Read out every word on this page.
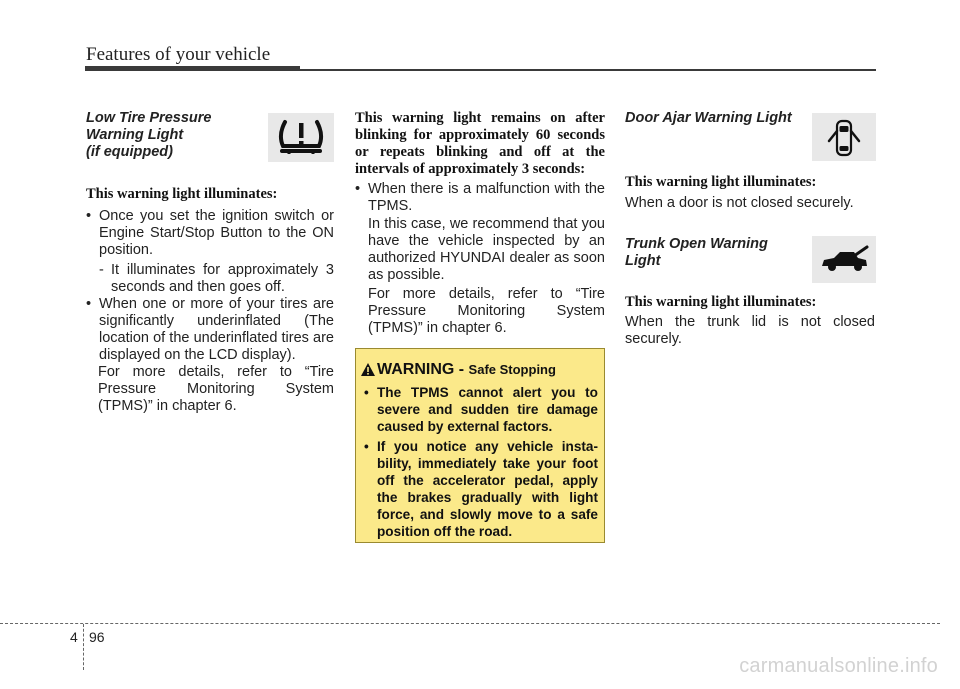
Features of your vehicle
Low Tire Pressure
Warning Light
(if equipped)
This warning light illuminates:
• Once you set the ignition switch or Engine Start/Stop Button to the ON position.
- It illuminates for approximately 3 seconds and then goes off.
• When one or more of your tires are significantly underinflated (The location of the underinflated tires are displayed on the LCD display).
For more details, refer to “Tire Pressure Monitoring System (TPMS)” in chapter 6.
This warning light remains on after blinking for approximately 60 seconds or repeats blinking and off at the intervals of approximately 3 seconds:
• When there is a malfunction with the TPMS.
In this case, we recommend that you have the vehicle inspected by an authorized HYUNDAI dealer as soon as possible.
For more details, refer to “Tire Pressure Monitoring System (TPMS)” in chapter 6.
WARNING - Safe Stopping
• The TPMS cannot alert you to severe and sudden tire damage caused by external factors.
• If you notice any vehicle insta-bility, immediately take your foot off the accelerator pedal, apply the brakes gradually with light force, and slowly move to a safe position off the road.
Door Ajar Warning Light
This warning light illuminates:
When a door is not closed securely.
Trunk Open Warning
Light
This warning light illuminates:
When the trunk lid is not closed securely.
4 96
carmanualsonline.info
